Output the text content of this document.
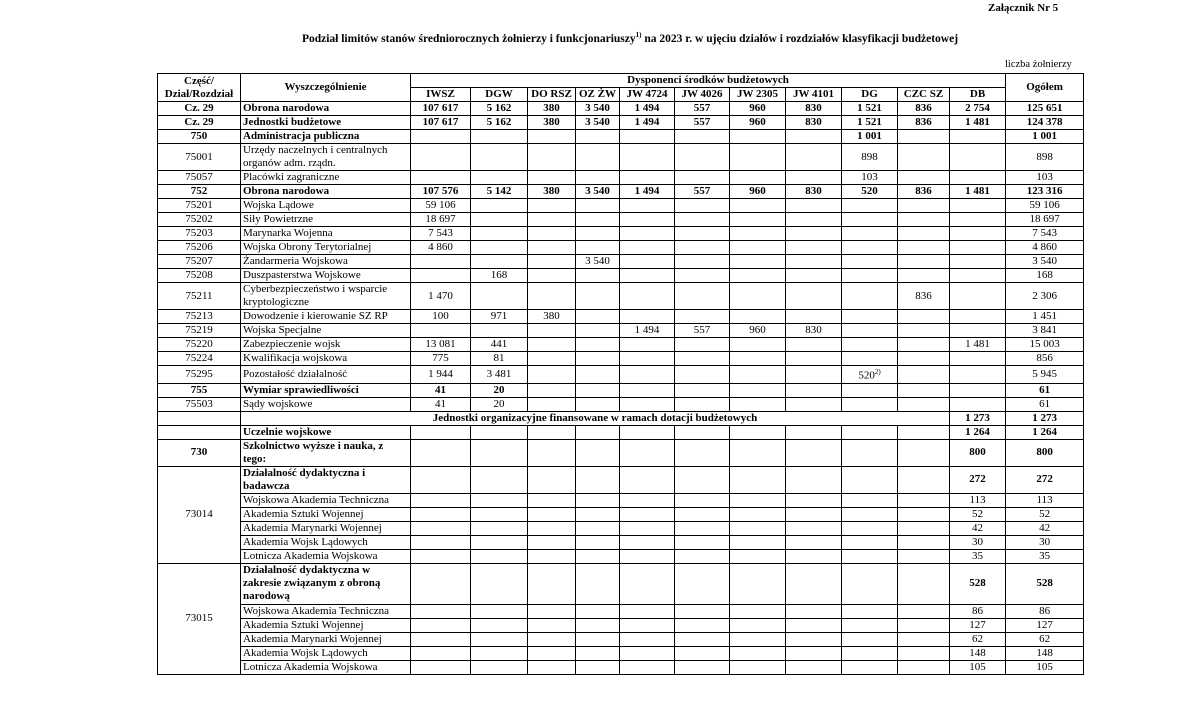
Załącznik Nr 5
Podział limitów stanów średniorocznych żołnierzy i funkcjonariuszy$^{1)}$ na 2023 r. w ujęciu działów i rozdziałów klasyfikacji budżetowej
liczba żołnierzy
Część/ Dział/Rozdział	Wyszczególnienie	Dysponenci środków budżetowych											Ogółem
		IWSZ	DGW	DO RSZ	OZ ŻW	JW 4724	JW 4026	JW 2305	JW 4101	DG	CZC SZ	DB	
Cz. 29	Obrona narodowa	107 617	5 162	380	3 540	1 494	557	960	830	1 521	836	2 754	125 651
Cz. 29	Jednostki budżetowe	107 617	5 162	380	3 540	1 494	557	960	830	1 521	836	1 481	124 378
750	Administracja publiczna									1 001			1 001
75001	Urzędy naczelnych i centralnych organów adm. rządn.									898			898
75057	Placówki zagraniczne									103			103
752	Obrona narodowa	107 576	5 142	380	3 540	1 494	557	960	830	520	836	1 481	123 316
75201	Wojska Lądowe	59 106											59 106
75202	Siły Powietrzne	18 697											18 697
75203	Marynarka Wojenna	7 543											7 543
75206	Wojska Obrony Terytorialnej	4 860											4 860
75207	Żandarmeria Wojskowa				3 540								3 540
75208	Duszpasterstwa Wojskowe		168										168
75211	Cyberbezpieczeństwo i wsparcie kryptologiczne	1 470									836		2 306
75213	Dowodzenie i kierowanie SZ RP	100	971	380									1 451
75219	Wojska Specjalne					1 494	557	960	830				3 841
75220	Zabezpieczenie wojsk	13 081	441									1 481	15 003
75224	Kwalifikacja wojskowa	775	81										856
75295	Pozostałość działalność	1 944	3 481							520$^{2)}$			5 945
755	Wymiar sprawiedliwości	41	20										61
75503	Sądy wojskowe	41	20										61
	Jednostki organizacyjne finansowane w ramach dotacji budżetowych											1 273	1 273
	Uczelnie wojskowe											1 264	1 264
730	Szkolnictwo wyższe i nauka, z tego:											800	800
73014	Działalność dydaktyczna i badawcza											272	272
	Wojskowa Akademia Techniczna											113	113
	Akademia Sztuki Wojennej											52	52
	Akademia Marynarki Wojennej											42	42
	Akademia Wojsk Lądowych											30	30
	Lotnicza Akademia Wojskowa											35	35
73015	Działalność dydaktyczna w zakresie związanym z obroną narodową											528	528
	Wojskowa Akademia Techniczna											86	86
	Akademia Sztuki Wojennej											127	127
	Akademia Marynarki Wojennej											62	62
	Akademia Wojsk Lądowych											148	148
	Lotnicza Akademia Wojskowa											105	105
